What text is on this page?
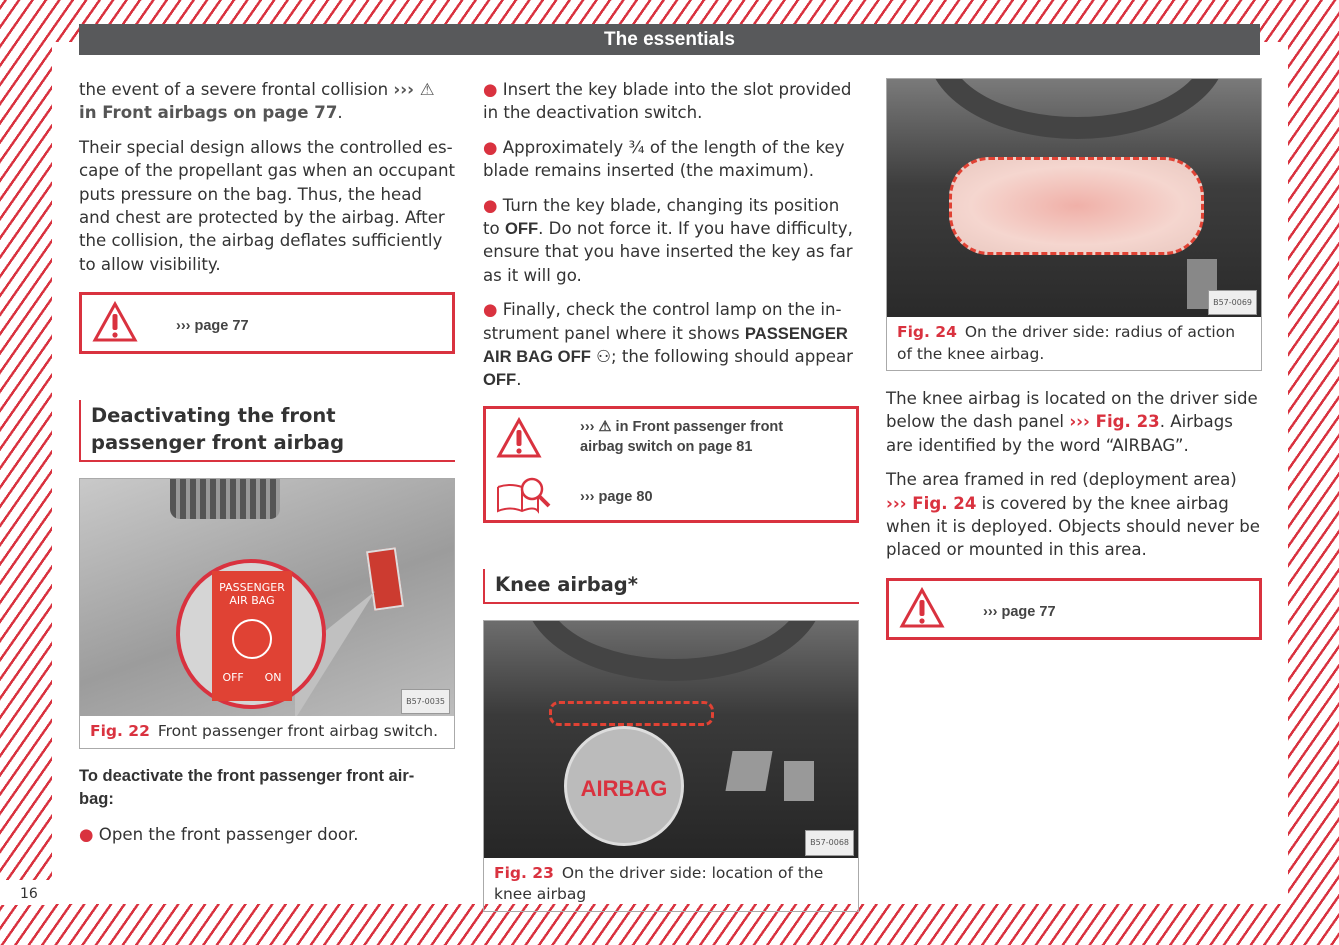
16
The essentials

the event of a severe frontal collision ››› ⚠ in Front airbags on page 77.

Their special design allows the controlled escape of the propellant gas when an occupant puts pressure on the bag. Thus, the head and chest are protected by the airbag. After the collision, the airbag deflates sufficiently to allow visibility.

››› page 77
Deactivating the front passenger front airbag
PASSENGER AIR BAG
OFF ON
B57-0035
Fig. 22 Front passenger front airbag switch.

To deactivate the front passenger front airbag:

● Open the front passenger door.

● Insert the key blade into the slot provided in the deactivation switch.

● Approximately ¾ of the length of the key blade remains inserted (the maximum).

● Turn the key blade, changing its position to OFF. Do not force it. If you have difficulty, ensure that you have inserted the key as far as it will go.

● Finally, check the control lamp on the instrument panel where it shows PASSENGER AIR BAG OFF ⚇; the following should appear OFF.

››› ⚠ in Front passenger front airbag switch on page 81
››› page 80
Knee airbag*
AIRBAG
B57-0068
Fig. 23 On the driver side: location of the knee airbag
B57-0069
Fig. 24 On the driver side: radius of action of the knee airbag.

The knee airbag is located on the driver side below the dash panel ››› Fig. 23. Airbags are identified by the word “AIRBAG”.

The area framed in red (deployment area) ››› Fig. 24 is covered by the knee airbag when it is deployed. Objects should never be placed or mounted in this area.

››› page 77
